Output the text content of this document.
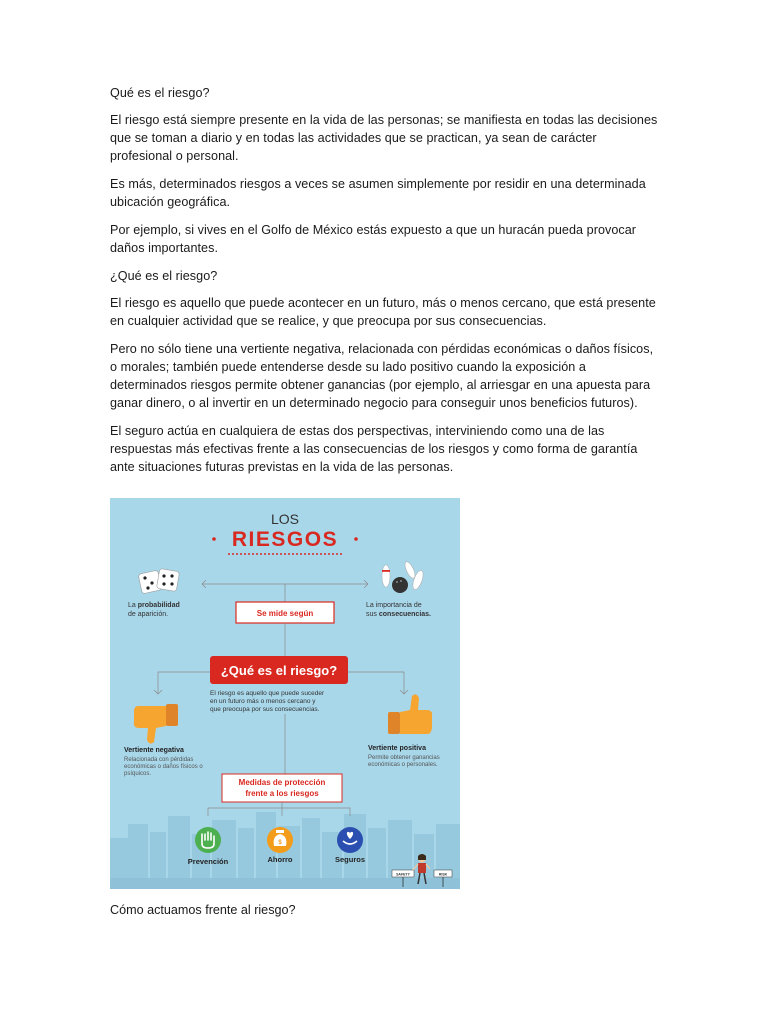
Qué es el riesgo?

El riesgo está siempre presente en la vida de las personas; se manifiesta en todas las decisiones que se toman a diario y en todas las actividades que se practican, ya sean de carácter profesional o personal.

Es más, determinados riesgos a veces se asumen simplemente por residir en una determinada ubicación geográfica.

Por ejemplo, si vives en el Golfo de México estás expuesto a que un huracán pueda provocar daños importantes.

¿Qué es el riesgo?

El riesgo es aquello que puede acontecer en un futuro, más o menos cercano, que está presente en cualquier actividad que se realice, y que preocupa por sus consecuencias.

Pero no sólo tiene una vertiente negativa, relacionada con pérdidas económicas o daños físicos, o morales; también puede entenderse desde su lado positivo cuando la exposición a determinados riesgos permite obtener ganancias (por ejemplo, al arriesgar en una apuesta para ganar dinero, o al invertir en un determinado negocio para conseguir unos beneficios futuros).

El seguro actúa en cualquiera de estas dos perspectivas, interviniendo como una de las respuestas más efectivas frente a las consecuencias de los riesgos y como forma de garantía ante situaciones futuras previstas en la vida de las personas.

LOS
RIESGOS
La probabilidad
de aparición.	Se mide según
La importancia de
sus consecuencias.
¿Qué es el riesgo?
El riesgo es aquello que puede suceder
en un futuro más o menos cercano y
que preocupa por sus consecuencias.
Vertiente negativa
Relacionada con pérdidas
económicas o daños físicos o
psíquicos.
Vertiente positiva
Permite obtener ganancias
económicas o personales.
Medidas de protección
frente a los riesgos
$
Prevención	Ahorro	Seguros
SAFETY	RISK
Cómo actuamos frente al riesgo?
